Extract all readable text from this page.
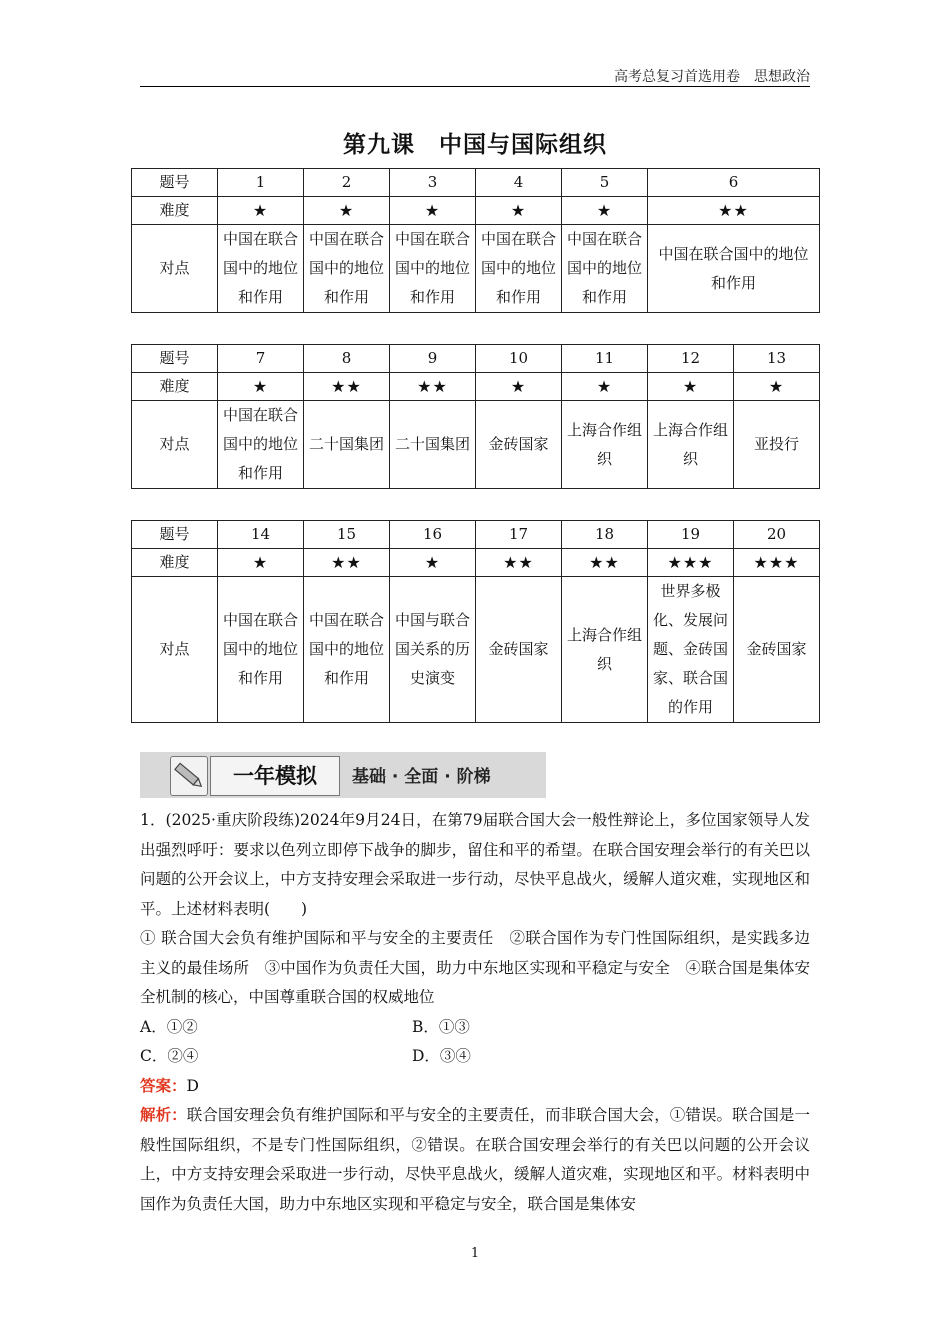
高考总复习首选用卷　思想政治
第九课　中国与国际组织
题号	1	2	3	4	5	6
难度	★	★	★	★	★	★★
对点	中国在联合国中的地位和作用	中国在联合国中的地位和作用	中国在联合国中的地位和作用	中国在联合国中的地位和作用	中国在联合国中的地位和作用	中国在联合国中的地位和作用
题号	7	8	9	10	11	12	13
难度	★	★★	★★	★	★	★	★
对点	中国在联合国中的地位和作用	二十国集团	二十国集团	金砖国家	上海合作组织	上海合作组织	亚投行
题号	14	15	16	17	18	19	20
难度	★	★★	★	★★	★★	★★★	★★★
对点	中国在联合国中的地位和作用	中国在联合国中的地位和作用	中国与联合国关系的历史演变	金砖国家	上海合作组织	世界多极化、发展问题、金砖国家、联合国的作用	金砖国家
一年模拟	基础 · 全面 · 阶梯

1．(2025·重庆阶段练)2024年9月24日，在第79届联合国大会一般性辩论上，多位国家领导人发出强烈呼吁：要求以色列立即停下战争的脚步，留住和平的希望。在联合国安理会举行的有关巴以问题的公开会议上，中方支持安理会采取进一步行动，尽快平息战火，缓解人道灾难，实现地区和平。上述材料表明(　　)

① 联合国大会负有维护国际和平与安全的主要责任　②联合国作为专门性国际组织，是实践多边主义的最佳场所　③中国作为负责任大国，助力中东地区实现和平稳定与安全　④联合国是集体安全机制的核心，中国尊重联合国的权威地位

A．①②	B．①③
C．②④	D．③④

答案：D

解析：联合国安理会负有维护国际和平与安全的主要责任，而非联合国大会，①错误。联合国是一般性国际组织，不是专门性国际组织，②错误。在联合国安理会举行的有关巴以问题的公开会议上，中方支持安理会采取进一步行动，尽快平息战火，缓解人道灾难，实现地区和平。材料表明中国作为负责任大国，助力中东地区实现和平稳定与安全，联合国是集体安

1
